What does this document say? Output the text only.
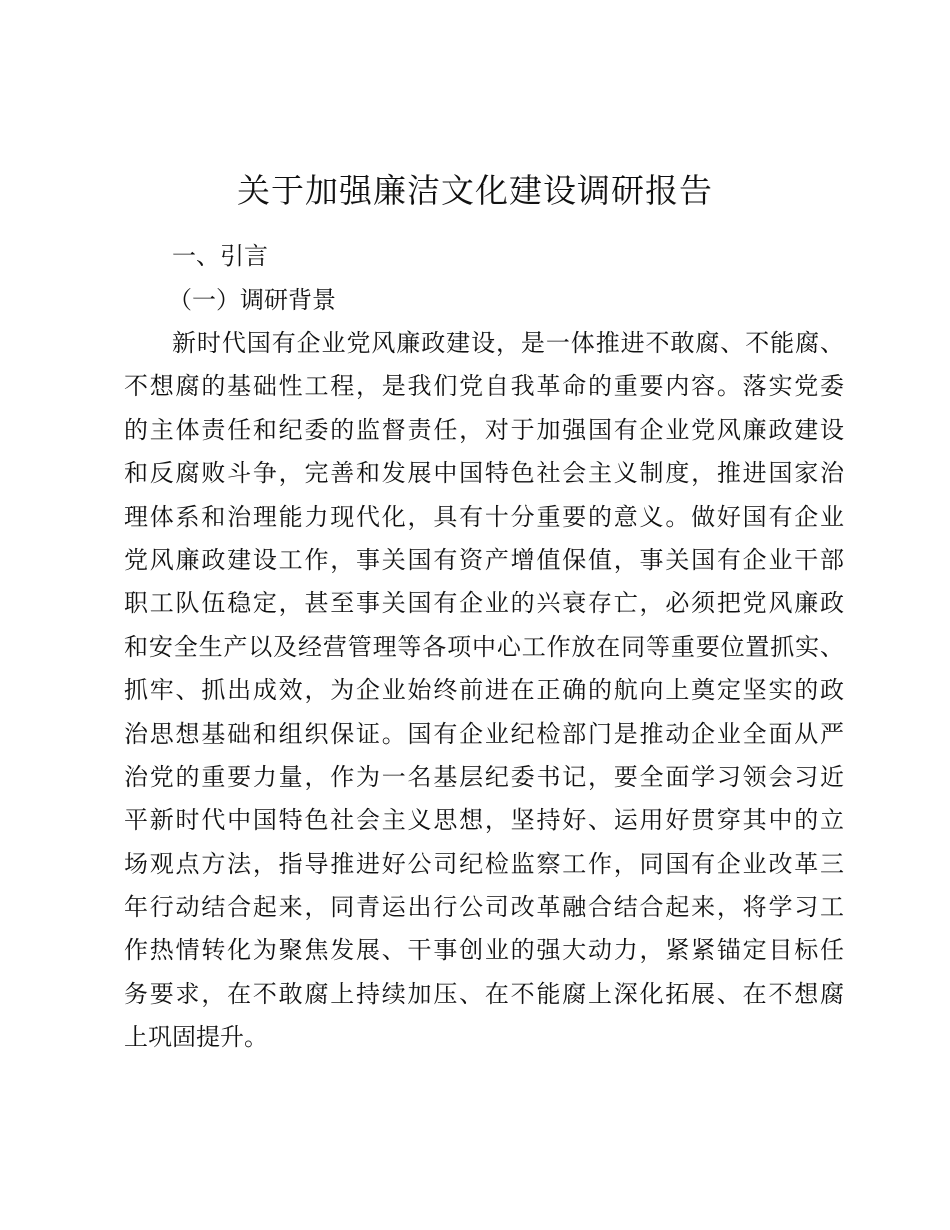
关于加强廉洁文化建设调研报告
一、引言
（一）调研背景
新时代国有企业党风廉政建设，是一体推进不敢腐、不能腐、
不想腐的基础性工程，是我们党自我革命的重要内容。落实党委
的主体责任和纪委的监督责任，对于加强国有企业党风廉政建设
和反腐败斗争，完善和发展中国特色社会主义制度，推进国家治
理体系和治理能力现代化，具有十分重要的意义。做好国有企业
党风廉政建设工作，事关国有资产增值保值，事关国有企业干部
职工队伍稳定，甚至事关国有企业的兴衰存亡，必须把党风廉政
和安全生产以及经营管理等各项中心工作放在同等重要位置抓实、
抓牢、抓出成效，为企业始终前进在正确的航向上奠定坚实的政
治思想基础和组织保证。国有企业纪检部门是推动企业全面从严
治党的重要力量，作为一名基层纪委书记，要全面学习领会习近
平新时代中国特色社会主义思想，坚持好、运用好贯穿其中的立
场观点方法，指导推进好公司纪检监察工作，同国有企业改革三
年行动结合起来，同青运出行公司改革融合结合起来，将学习工
作热情转化为聚焦发展、干事创业的强大动力，紧紧锚定目标任
务要求，在不敢腐上持续加压、在不能腐上深化拓展、在不想腐
上巩固提升。
